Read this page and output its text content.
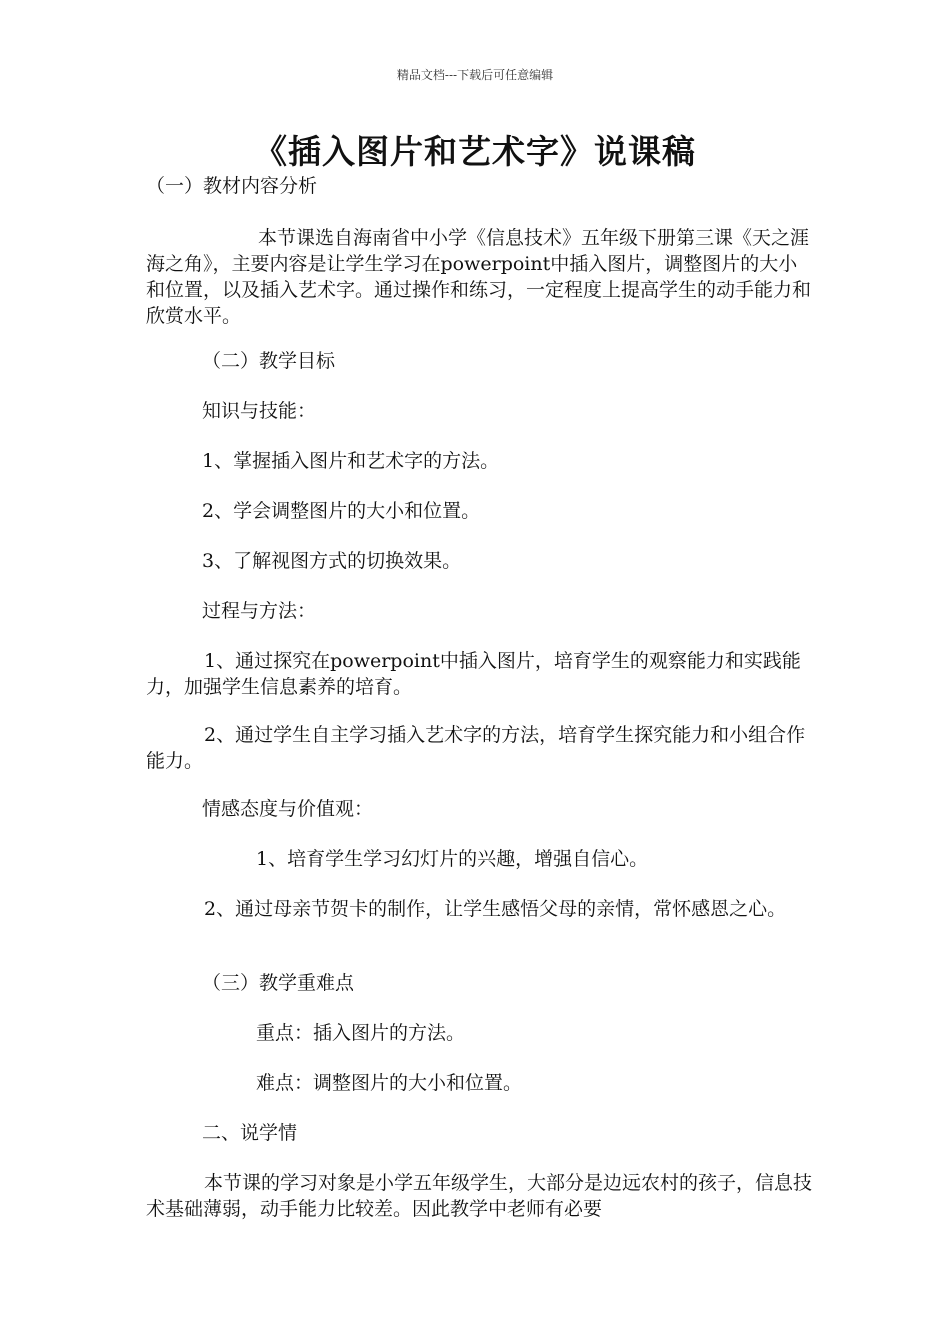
精品文档---下载后可任意编辑
《插入图片和艺术字》说课稿
（一）教材内容分析
本节课选自海南省中小学《信息技术》五年级下册第三课《天之涯海之角》，主要内容是让学生学习在powerpoint中插入图片，调整图片的大小和位置，以及插入艺术字。通过操作和练习，一定程度上提高学生的动手能力和欣赏水平。
（二）教学目标
知识与技能：
1、掌握插入图片和艺术字的方法。
2、学会调整图片的大小和位置。
3、了解视图方式的切换效果。
过程与方法：
1、通过探究在powerpoint中插入图片，培育学生的观察能力和实践能力，加强学生信息素养的培育。
2、通过学生自主学习插入艺术字的方法，培育学生探究能力和小组合作能力。
情感态度与价值观：
1、培育学生学习幻灯片的兴趣，增强自信心。
2、通过母亲节贺卡的制作，让学生感悟父母的亲情，常怀感恩之心。
（三）教学重难点
重点：插入图片的方法。
难点：调整图片的大小和位置。
二、说学情
本节课的学习对象是小学五年级学生，大部分是边远农村的孩子，信息技术基础薄弱，动手能力比较差。因此教学中老师有必要
